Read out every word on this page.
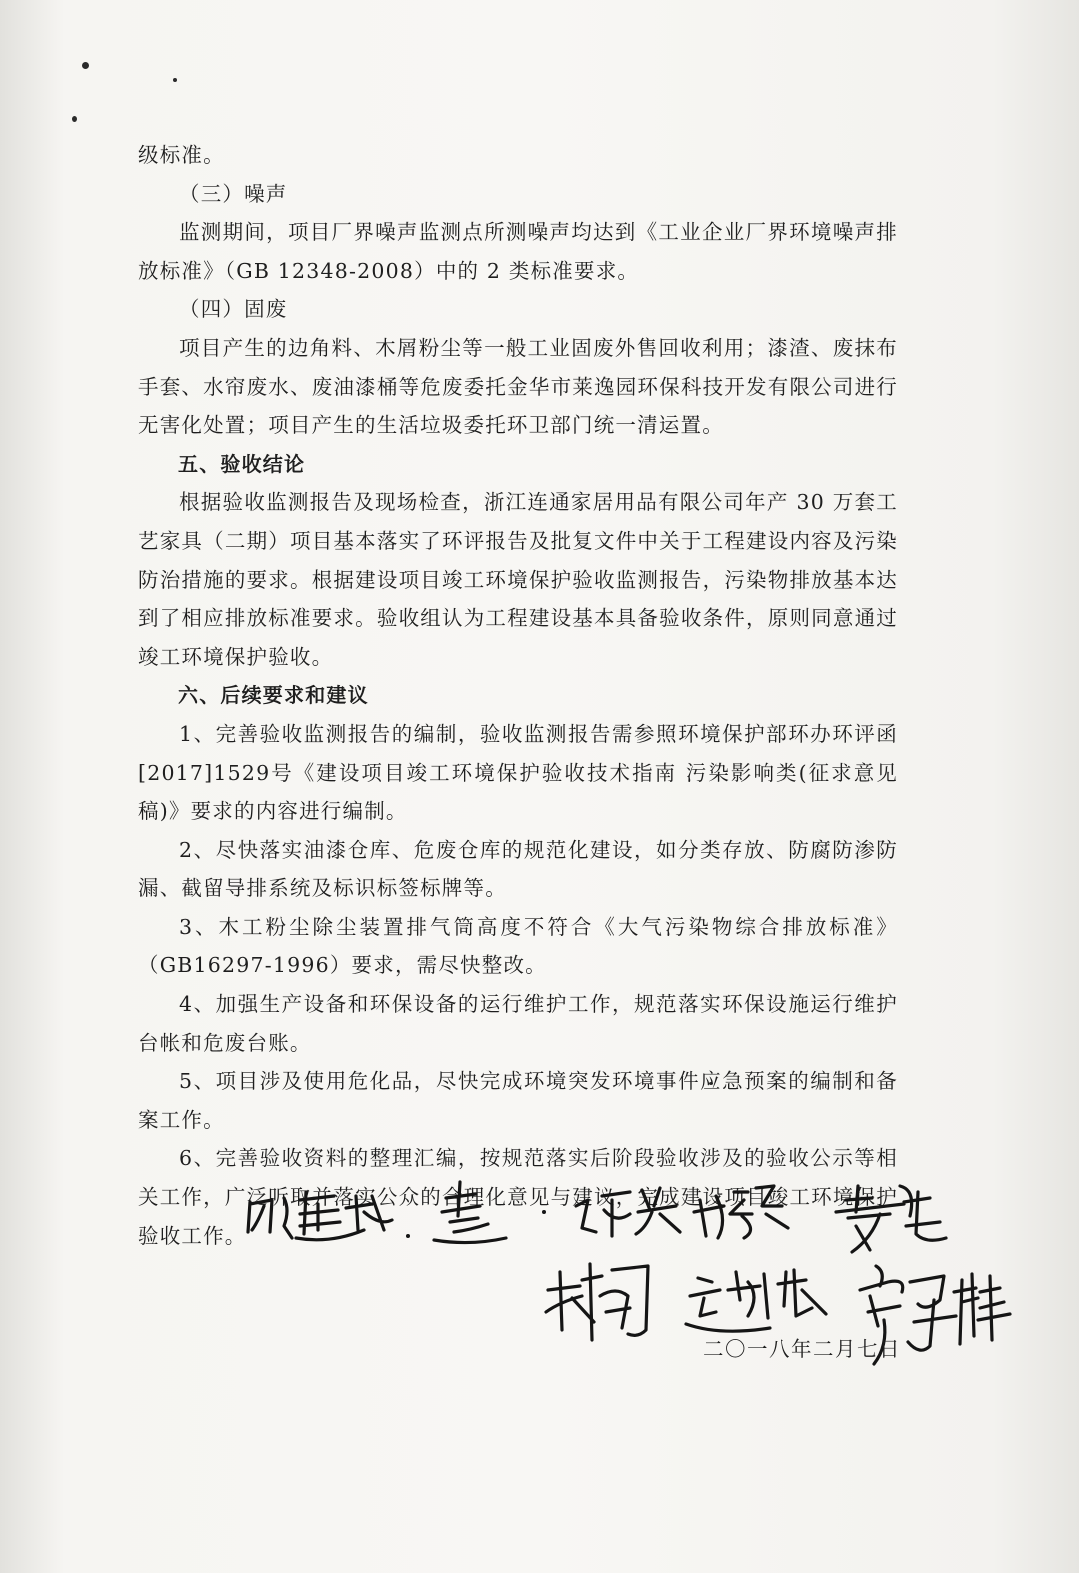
级标准。

（三）噪声

监测期间，项目厂界噪声监测点所测噪声均达到《工业企业厂界环境噪声排放标准》（GB 12348-2008）中的 2 类标准要求。

（四）固废

项目产生的边角料、木屑粉尘等一般工业固废外售回收利用；漆渣、废抹布手套、水帘废水、废油漆桶等危废委托金华市莱逸园环保科技开发有限公司进行无害化处置；项目产生的生活垃圾委托环卫部门统一清运置。

五、验收结论

根据验收监测报告及现场检查，浙江连通家居用品有限公司年产 30 万套工艺家具（二期）项目基本落实了环评报告及批复文件中关于工程建设内容及污染防治措施的要求。根据建设项目竣工环境保护验收监测报告，污染物排放基本达到了相应排放标准要求。验收组认为工程建设基本具备验收条件，原则同意通过竣工环境保护验收。

六、后续要求和建议

1、完善验收监测报告的编制，验收监测报告需参照环境保护部环办环评函[2017]1529号《建设项目竣工环境保护验收技术指南 污染影响类(征求意见稿)》要求的内容进行编制。

2、尽快落实油漆仓库、危废仓库的规范化建设，如分类存放、防腐防渗防漏、截留导排系统及标识标签标牌等。

3、木工粉尘除尘装置排气筒高度不符合《大气污染物综合排放标准》（GB16297-1996）要求，需尽快整改。

4、加强生产设备和环保设备的运行维护工作，规范落实环保设施运行维护台帐和危废台账。

5、项目涉及使用危化品，尽快完成环境突发环境事件应急预案的编制和备案工作。

6、完善验收资料的整理汇编，按规范落实后阶段验收涉及的验收公示等相关工作，广泛听取并落实公众的合理化意见与建议，完成建设项目竣工环境保护验收工作。

二〇一八年二月七日
